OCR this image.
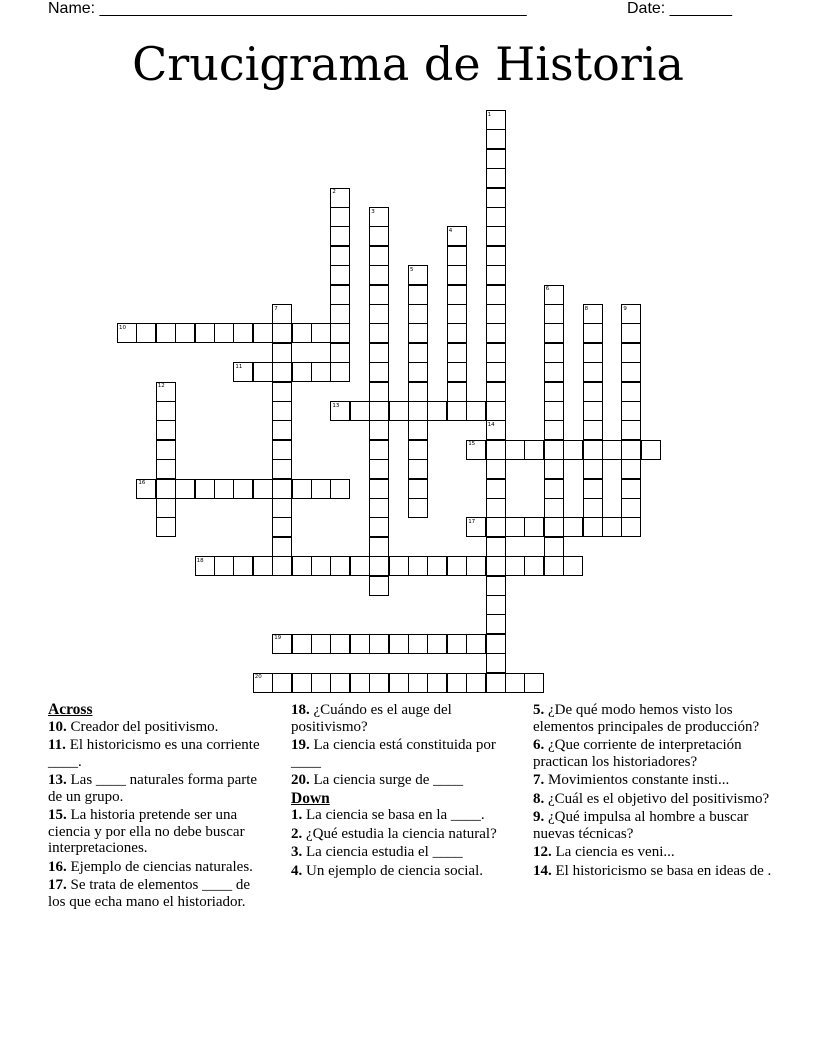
Name: ________________________________________________	Date: _______
Crucigrama de Historia
1
2
3
4
5
6
7	8	9
10
11
12
13
14
15
16
17
18
19
20
Across
10. Creador del positivismo.
11. El historicismo es una corriente ____.
13. Las ____ naturales forma parte de un grupo.
15. La historia pretende ser una ciencia y por ella no debe buscar interpretaciones.
16. Ejemplo de ciencias naturales.
17. Se trata de elementos ____ de los que echa mano el historiador.
18. ¿Cuándo es el auge del positivismo?
19. La ciencia está constituida por ____
20. La ciencia surge de ____
Down
1. La ciencia se basa en la ____.
2. ¿Qué estudia la ciencia natural?
3. La ciencia estudia el ____
4. Un ejemplo de ciencia social.
5. ¿De qué modo hemos visto los elementos principales de producción?
6. ¿Que corriente de interpretación practican los historiadores?
7. Movimientos constante insti...
8. ¿Cuál es el objetivo del positivismo?
9. ¿Qué impulsa al hombre a buscar nuevas técnicas?
12. La ciencia es veni...
14. El historicismo se basa en ideas de .
